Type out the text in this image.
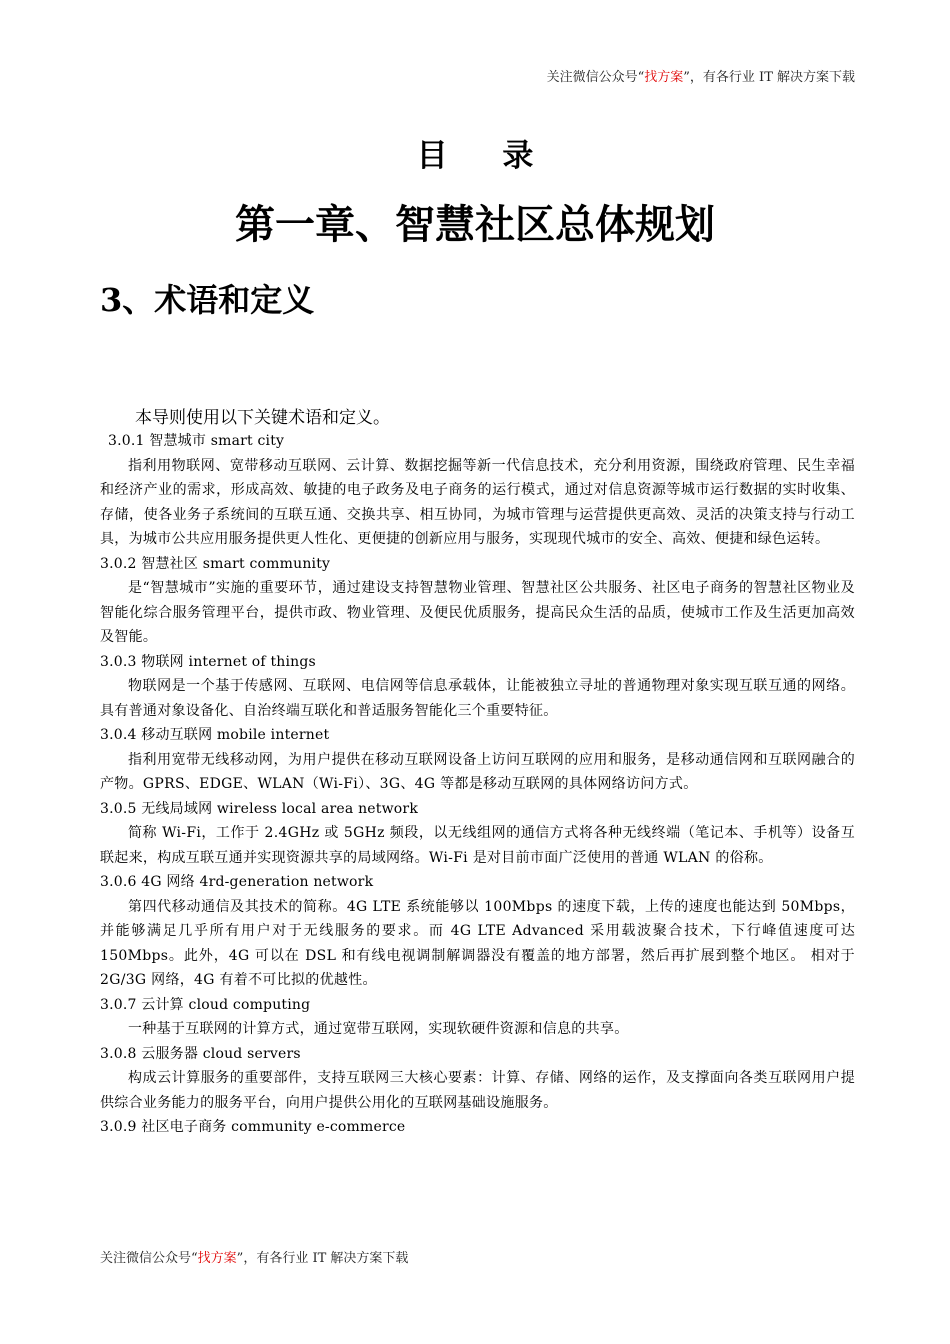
关注微信公众号“找方案”，有各行业 IT 解决方案下载
目 录
第一章、智慧社区总体规划
3、术语和定义
本导则使用以下关键术语和定义。
3.0.1 智慧城市 smart city

指利用物联网、宽带移动互联网、云计算、数据挖掘等新一代信息技术，充分利用资源，围绕政府管理、民生幸福和经济产业的需求，形成高效、敏捷的电子政务及电子商务的运行模式，通过对信息资源等城市运行数据的实时收集、存储，使各业务子系统间的互联互通、交换共享、相互协同，为城市管理与运营提供更高效、灵活的决策支持与行动工具，为城市公共应用服务提供更人性化、更便捷的创新应用与服务，实现现代城市的安全、高效、便捷和绿色运转。

3.0.2 智慧社区 smart community

是“智慧城市”实施的重要环节，通过建设支持智慧物业管理、智慧社区公共服务、社区电子商务的智慧社区物业及智能化综合服务管理平台，提供市政、物业管理、及便民优质服务，提高民众生活的品质，使城市工作及生活更加高效及智能。

3.0.3 物联网 internet of things

物联网是一个基于传感网、互联网、电信网等信息承载体，让能被独立寻址的普通物理对象实现互联互通的网络。具有普通对象设备化、自治终端互联化和普适服务智能化三个重要特征。

3.0.4 移动互联网 mobile internet

指利用宽带无线移动网，为用户提供在移动互联网设备上访问互联网的应用和服务，是移动通信网和互联网融合的产物。GPRS、EDGE、WLAN（Wi-Fi）、3G、4G 等都是移动互联网的具体网络访问方式。

3.0.5 无线局域网 wireless local area network

简称 Wi-Fi，工作于 2.4GHz 或 5GHz 频段，以无线组网的通信方式将各种无线终端（笔记本、手机等）设备互联起来，构成互联互通并实现资源共享的局域网络。Wi-Fi 是对目前市面广泛使用的普通 WLAN 的俗称。

3.0.6 4G 网络 4rd-generation network

第四代移动通信及其技术的简称。4G LTE 系统能够以 100Mbps 的速度下载，上传的速度也能达到 50Mbps，并能够满足几乎所有用户对于无线服务的要求。而 4G LTE Advanced 采用载波聚合技术，下行峰值速度可达 150Mbps。此外，4G 可以在 DSL 和有线电视调制解调器没有覆盖的地方部署，然后再扩展到整个地区。 相对于 2G/3G 网络，4G 有着不可比拟的优越性。

3.0.7 云计算 cloud computing

一种基于互联网的计算方式，通过宽带互联网，实现软硬件资源和信息的共享。

3.0.8 云服务器 cloud servers

构成云计算服务的重要部件，支持互联网三大核心要素：计算、存储、网络的运作，及支撑面向各类互联网用户提供综合业务能力的服务平台，向用户提供公用化的互联网基础设施服务。

3.0.9 社区电子商务 community e-commerce
关注微信公众号“找方案”，有各行业 IT 解决方案下载
